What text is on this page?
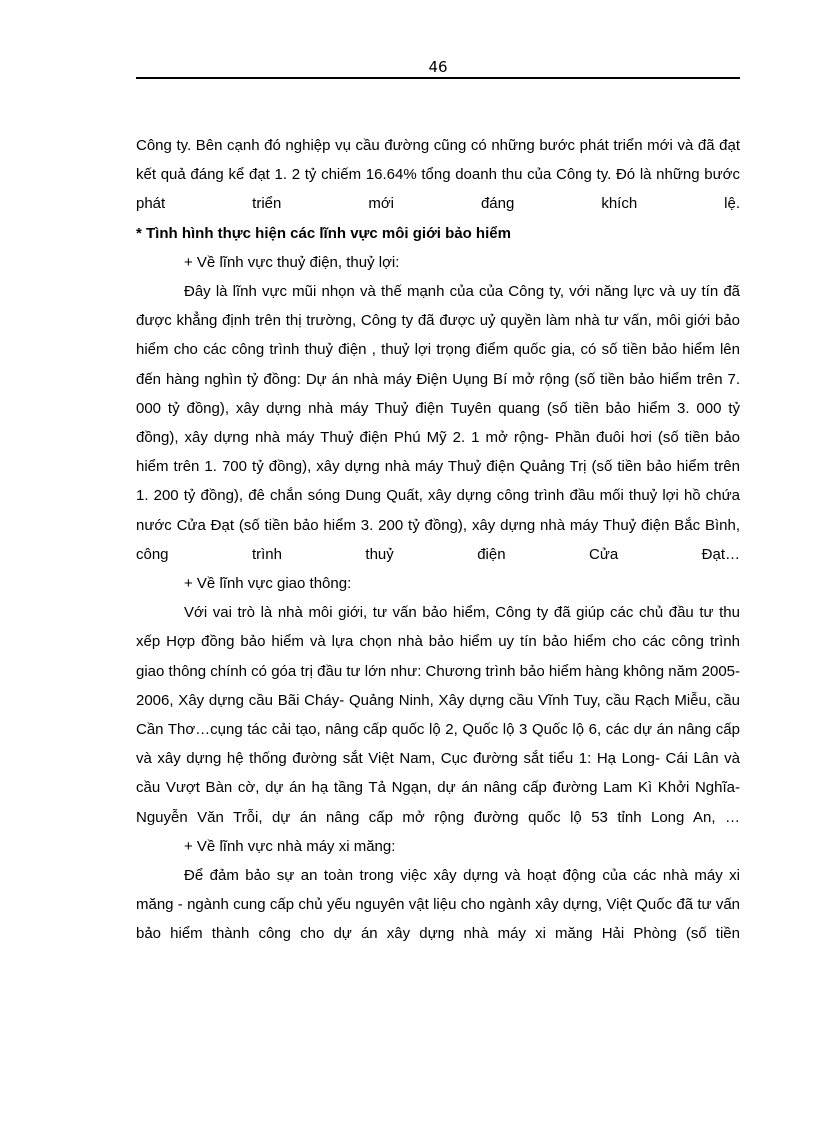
46

Công ty. Bên cạnh đó nghiệp vụ cầu đường cũng có những bước phát triển mới và đã đạt kết quả đáng kể đạt 1. 2 tỷ chiếm 16.64% tổng doanh thu của Công ty. Đó là những bước phát triển mới đáng khích lệ.

* Tình hình thực hiện các lĩnh vực môi giới bảo hiểm

+ Về lĩnh vực thuỷ điện, thuỷ lợi:

Đây là lĩnh vực mũi nhọn và thế mạnh của của Công ty, với năng lực và uy tín đã được khẳng định trên thị trường, Công ty đã được uỷ quyền làm nhà tư vấn, môi giới bảo hiểm cho các công trình thuỷ điện , thuỷ lợi trọng điểm quốc gia, có số tiền bảo hiểm lên đến hàng nghìn tỷ đồng: Dự án nhà máy Điện Uụng Bí mở rộng (số tiền bảo hiểm trên 7. 000 tỷ đồng), xây dựng nhà máy Thuỷ điện Tuyên quang (số tiền bảo hiểm 3. 000 tỷ đồng), xây dựng nhà máy Thuỷ điện Phú Mỹ 2. 1 mở rộng- Phần đuôi hơi (số tiền bảo hiểm trên 1. 700 tỷ đồng), xây dựng nhà máy Thuỷ điện Quảng Trị (số tiền bảo hiểm trên 1. 200 tỷ đồng), đê chắn sóng Dung Quất, xây dựng công trình đầu mối thuỷ lợi hồ chứa nước Cửa Đạt (số tiền bảo hiểm 3. 200 tỷ đồng), xây dựng nhà máy Thuỷ điện Bắc Bình, công trình thuỷ điện Cửa Đạt…

+ Về lĩnh vực giao thông:

Với vai trò là nhà môi giới, tư vấn bảo hiểm, Công ty đã giúp các chủ đầu tư thu xếp Hợp đồng bảo hiểm và lựa chọn nhà bảo hiểm uy tín bảo hiểm cho các công trình giao thông chính có góa trị đầu tư lớn như: Chương trình bảo hiểm hàng không năm 2005-2006, Xây dựng cầu Bãi Cháy- Quảng Ninh, Xây dựng cầu Vĩnh Tuy, cầu Rạch Miễu, cầu Cần Thơ…cụng tác cải tạo, nâng cấp quốc lộ 2, Quốc lộ 3 Quốc lộ 6, các dự án nâng cấp và xây dựng hệ thống đường sắt Việt Nam, Cục đường sắt tiểu 1: Hạ Long- Cái Lân và cầu Vượt Bàn cờ, dự án hạ tầng Tả Ngạn, dự án nâng cấp đường Lam Kì Khởi Nghĩa- Nguyễn Văn Trỗi, dự án nâng cấp mở rộng đường quốc lộ 53 tỉnh Long An, …

+ Về lĩnh vực nhà máy xi măng:

Để đảm bảo sự an toàn trong việc xây dựng và hoạt động của các nhà máy xi măng - ngành cung cấp chủ yếu nguyên vật liệu cho ngành xây dựng, Việt Quốc đã tư vấn bảo hiểm thành công cho dự án xây dựng nhà máy xi măng Hải Phòng (số tiền
